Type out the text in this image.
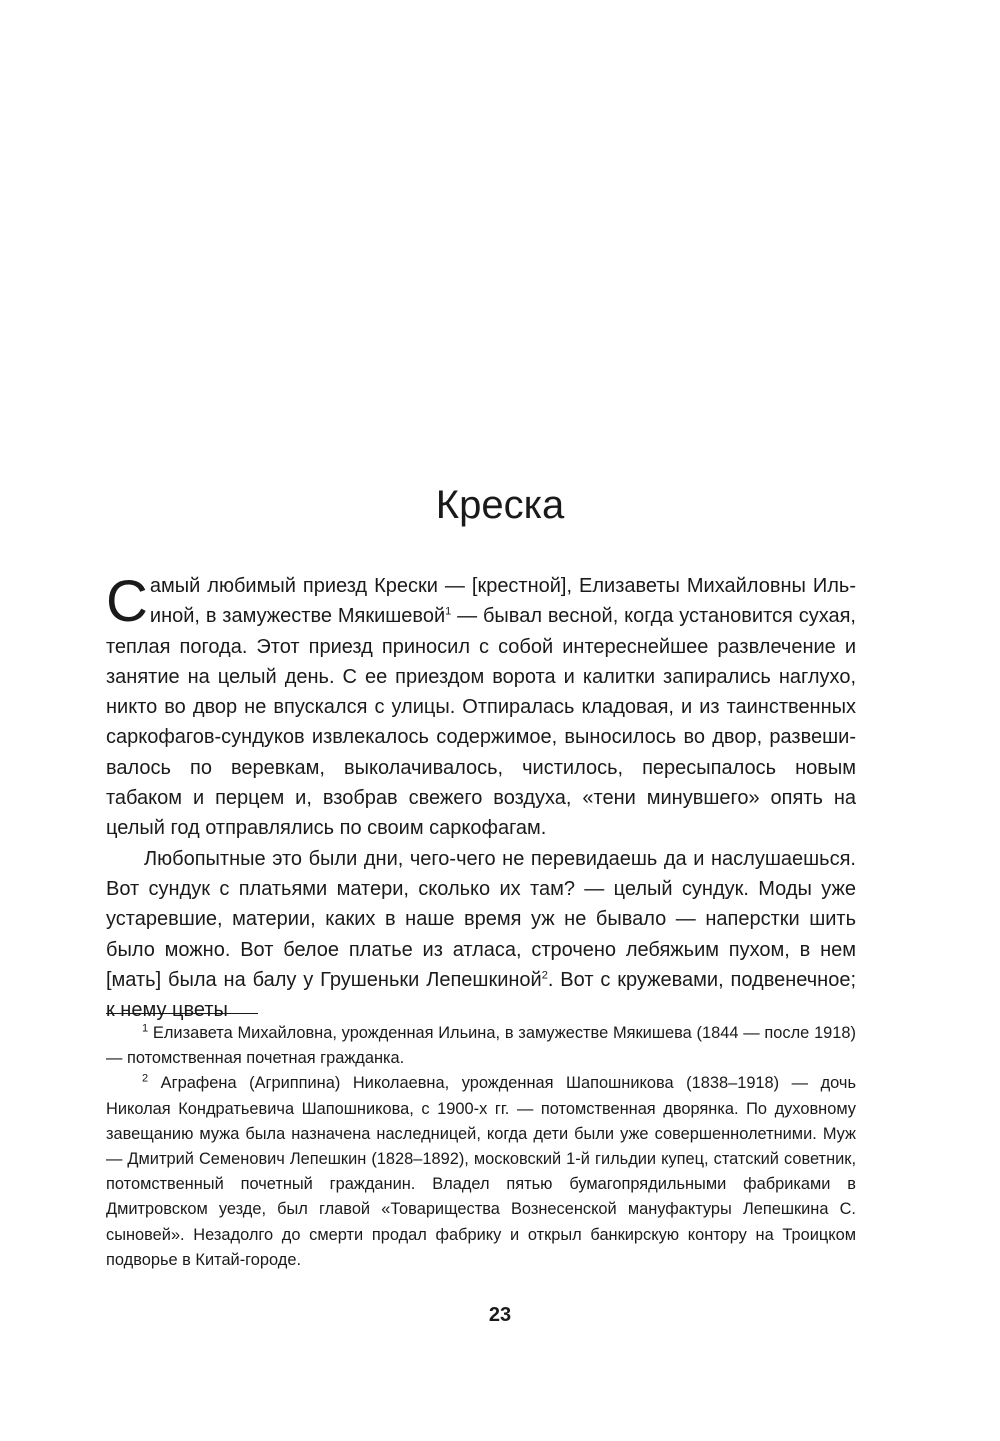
Креска

Самый любимый приезд Крески — [крестной], Елизаветы Михайловны Ильиной, в замужестве Мякишевой$^1$ — бывал весной, когда установится сухая, теплая погода. Этот приезд приносил с собой интереснейшее развлечение и занятие на целый день. С ее приездом ворота и калитки запирались наглухо, никто во двор не впускался с улицы. Отпиралась кладовая, и из таинственных саркофагов-сундуков извлекалось содержимое, выносилось во двор, развешивалось по веревкам, выколачивалось, чистилось, пересыпалось новым табаком и перцем и, взобрав свежего воздуха, «тени минувшего» опять на целый год отправлялись по своим саркофагам.

Любопытные это были дни, чего-чего не перевидаешь да и наслушаешься. Вот сундук с платьями матери, сколько их там? — целый сундук. Моды уже устаревшие, материи, каких в наше время уж не бывало — наперстки шить было можно. Вот белое платье из атласа, строчено лебяжьим пухом, в нем [мать] была на балу у Грушеньки Лепешкиной$^2$. Вот с кружевами, подвенечное; к нему цветы

$^1$ Елизавета Михайловна, урожденная Ильина, в замужестве Мякишева (1844 — после 1918) — потомственная почетная гражданка.

$^2$ Аграфена (Агриппина) Николаевна, урожденная Шапошникова (1838–1918) — дочь Николая Кондратьевича Шапошникова, с 1900-х гг. — потомственная дворянка. По духовному завещанию мужа была назначена наследницей, когда дети были уже совершеннолетними. Муж — Дмитрий Семенович Лепешкин (1828–1892), московский 1-й гильдии купец, статский советник, потомственный почетный гражданин. Владел пятью бумагопрядильными фабриками в Дмитровском уезде, был главой «Товарищества Вознесенской мануфактуры Лепешкина С. сыновей». Незадолго до смерти продал фабрику и открыл банкирскую контору на Троицком подворье в Китай-городе.

23
